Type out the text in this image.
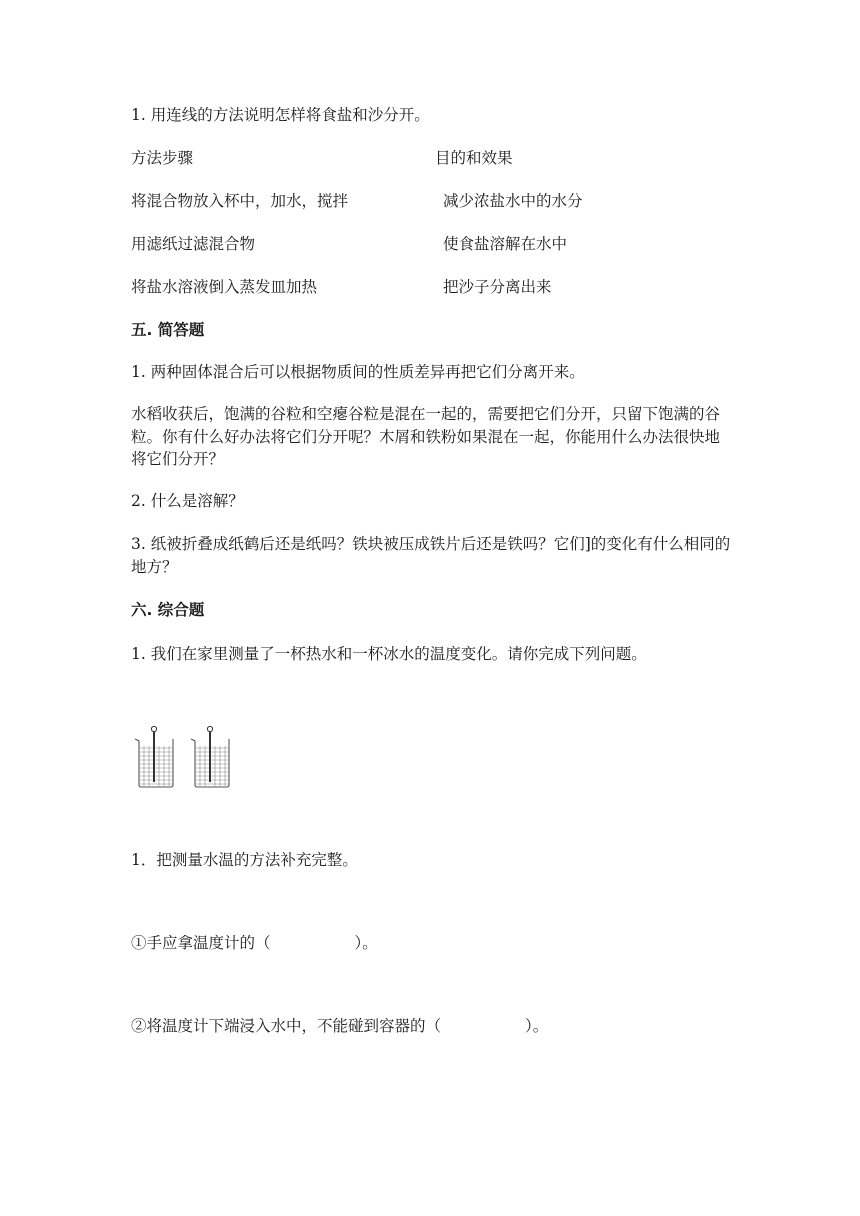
1. 用连线的方法说明怎样将食盐和沙分开。
方法步骤	目的和效果
将混合物放入杯中，加水，搅拌	减少浓盐水中的水分
用滤纸过滤混合物	使食盐溶解在水中
将盐水溶液倒入蒸发皿加热	把沙子分离出来
五. 简答题
1. 两种固体混合后可以根据物质间的性质差异再把它们分离开来。
水稻收获后，饱满的谷粒和空瘪谷粒是混在一起的，需要把它们分开，只留下饱满的谷粒。你有什么好办法将它们分开呢？木屑和铁粉如果混在一起，你能用什么办法很快地将它们分开？
2. 什么是溶解？
3. 纸被折叠成纸鹤后还是纸吗？铁块被压成铁片后还是铁吗？它们]的变化有什么相同的地方？
六. 综合题
1. 我们在家里测量了一杯热水和一杯冰水的温度变化。请你完成下列问题。
1．把测量水温的方法补充完整。
①手应拿温度计的（	）。
②将温度计下端浸入水中，不能碰到容器的（	）。
